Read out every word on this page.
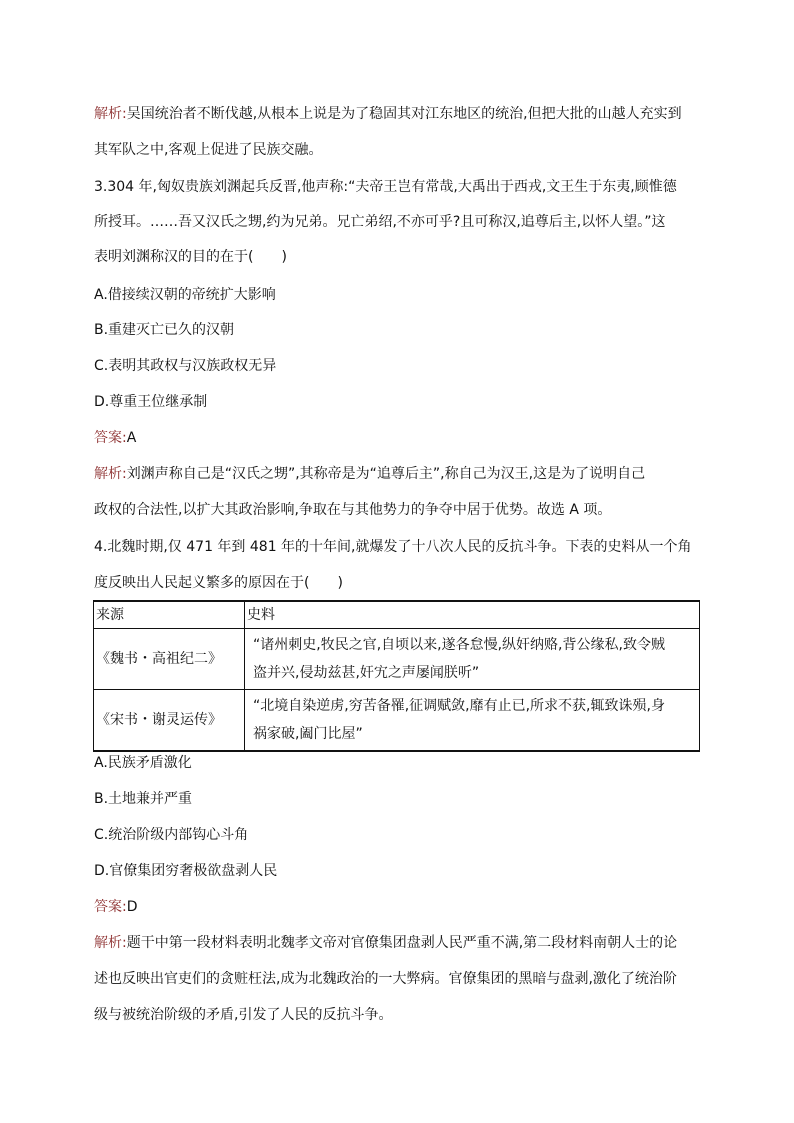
解析:吴国统治者不断伐越,从根本上说是为了稳固其对江东地区的统治,但把大批的山越人充实到
其军队之中,客观上促进了民族交融。
3.304 年,匈奴贵族刘渊起兵反晋,他声称:“夫帝王岂有常哉,大禹出于西戎,文王生于东夷,顾惟德
所授耳。……吾又汉氏之甥,约为兄弟。兄亡弟绍,不亦可乎?且可称汉,追尊后主,以怀人望。”这
表明刘渊称汉的目的在于(　　)
A.借接续汉朝的帝统扩大影响
B.重建灭亡已久的汉朝
C.表明其政权与汉族政权无异
D.尊重王位继承制
答案:A
解析:刘渊声称自己是“汉氏之甥”,其称帝是为“追尊后主”,称自己为汉王,这是为了说明自己
政权的合法性,以扩大其政治影响,争取在与其他势力的争夺中居于优势。故选 A 项。
4.北魏时期,仅 471 年到 481 年的十年间,就爆发了十八次人民的反抗斗争。下表的史料从一个角
度反映出人民起义繁多的原因在于(　　)
来源	史料
《魏书・高祖纪二》	“诸州刺史,牧民之官,自顷以来,遂各怠慢,纵奸纳赂,背公缘私,致令贼
盗并兴,侵劫兹甚,奸宄之声屡闻朕听”

《宋书・谢灵运传》	“北境自染逆虏,穷苦备罹,征调赋敛,靡有止已,所求不获,辄致诛殒,身
祸家破,阖门比屋”
A.民族矛盾激化
B.土地兼并严重
C.统治阶级内部钩心斗角
D.官僚集团穷奢极欲盘剥人民
答案:D
解析:题干中第一段材料表明北魏孝文帝对官僚集团盘剥人民严重不满,第二段材料南朝人士的论
述也反映出官吏们的贪赃枉法,成为北魏政治的一大弊病。官僚集团的黑暗与盘剥,激化了统治阶
级与被统治阶级的矛盾,引发了人民的反抗斗争。
